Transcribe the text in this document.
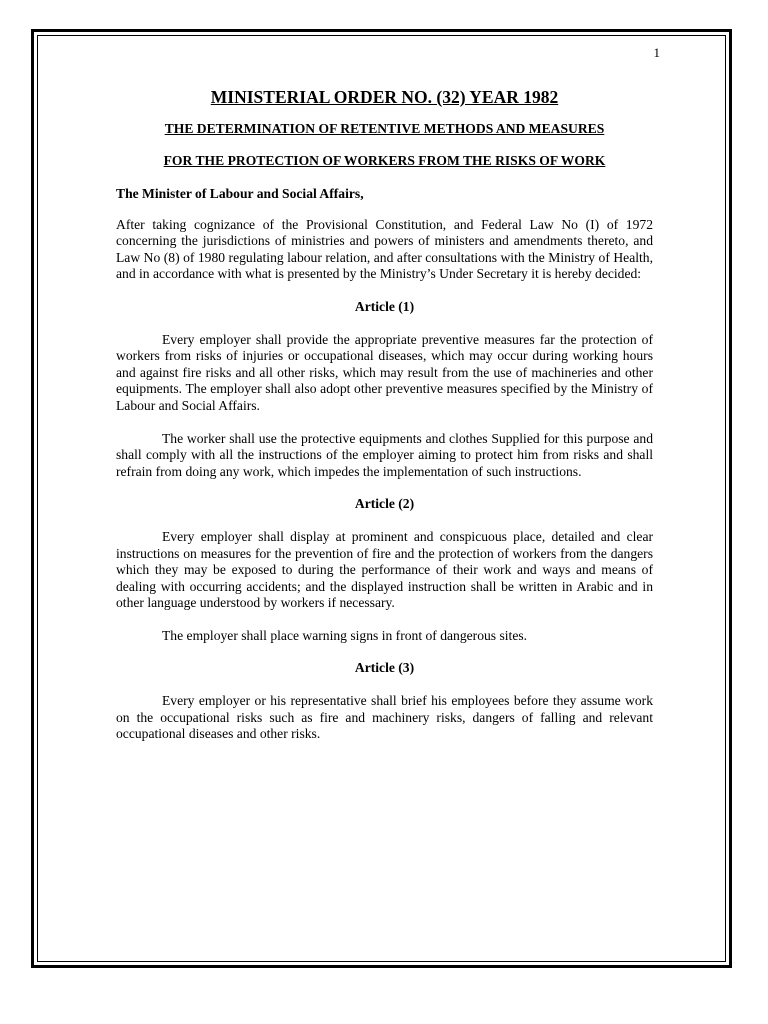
1
MINISTERIAL ORDER NO. (32) YEAR 1982
THE DETERMINATION OF RETENTIVE METHODS AND MEASURES
FOR THE PROTECTION OF WORKERS FROM THE RISKS OF WORK
The Minister of Labour and Social Affairs,
After taking cognizance of the Provisional Constitution, and Federal Law No (I) of 1972 concerning the jurisdictions of ministries and powers of ministers and amendments thereto, and Law No (8) of 1980 regulating labour relation, and after consultations with the Ministry of Health, and in accordance with what is presented by the Ministry’s Under Secretary it is hereby decided:
Article (1)
Every employer shall provide the appropriate preventive measures far the protection of workers from risks of injuries or occupational diseases, which may occur during working hours and against fire risks and all other risks, which may result from the use of machineries and other equipments. The employer shall also adopt other preventive measures specified by the Ministry of Labour and Social Affairs.
The worker shall use the protective equipments and clothes Supplied for this purpose and shall comply with all the instructions of the employer aiming to protect him from risks and shall refrain from doing any work, which impedes the implementation of such instructions.
Article (2)
Every employer shall display at prominent and conspicuous place, detailed and clear instructions on measures for the prevention of fire and the protection of workers from the dangers which they may be exposed to during the performance of their work and ways and means of dealing with occurring accidents; and the displayed instruction shall be written in Arabic and in other language understood by workers if necessary.
The employer shall place warning signs in front of dangerous sites.
Article (3)
Every employer or his representative shall brief his employees before they assume work on the occupational risks such as fire and machinery risks, dangers of falling and relevant occupational diseases and other risks.
